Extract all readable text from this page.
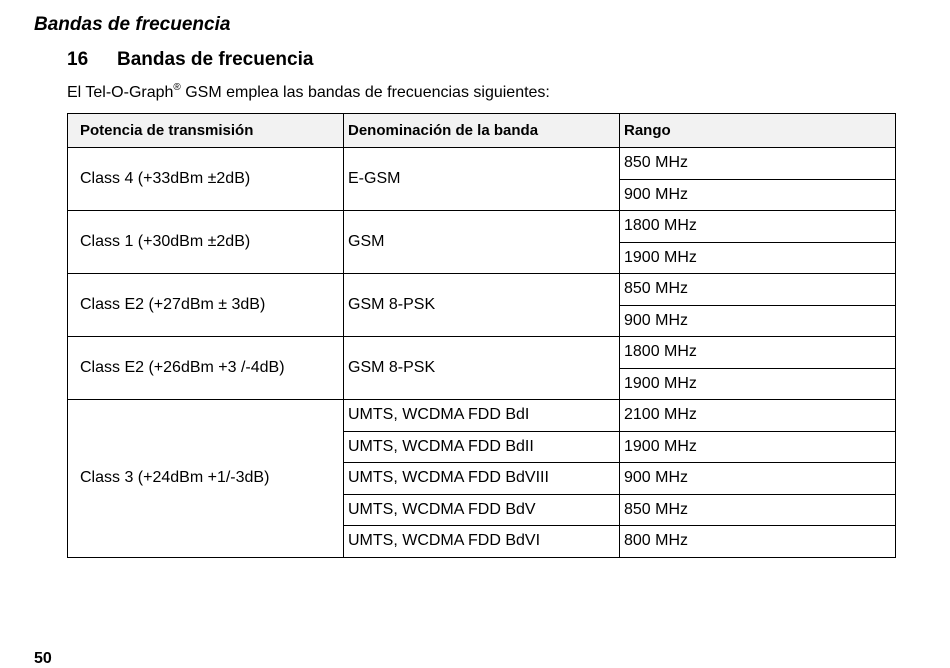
Bandas de frecuencia
16 Bandas de frecuencia
El Tel-O-Graph® GSM emplea las bandas de frecuencias siguientes:
Potencia de transmisión	Denominación de la banda	Rango
Class 4 (+33dBm ±2dB)	E-GSM	850 MHz
		900 MHz
Class 1 (+30dBm ±2dB)	GSM	1800 MHz
		1900 MHz
Class E2 (+27dBm ± 3dB)	GSM 8-PSK	850 MHz
		900 MHz
Class E2 (+26dBm +3 /-4dB)	GSM 8-PSK	1800 MHz
		1900 MHz
Class 3 (+24dBm +1/-3dB)	UMTS, WCDMA FDD BdI	2100 MHz
	UMTS, WCDMA FDD BdII	1900 MHz
	UMTS, WCDMA FDD BdVIII	900 MHz
	UMTS, WCDMA FDD BdV	850 MHz
	UMTS, WCDMA FDD BdVI	800 MHz
50
